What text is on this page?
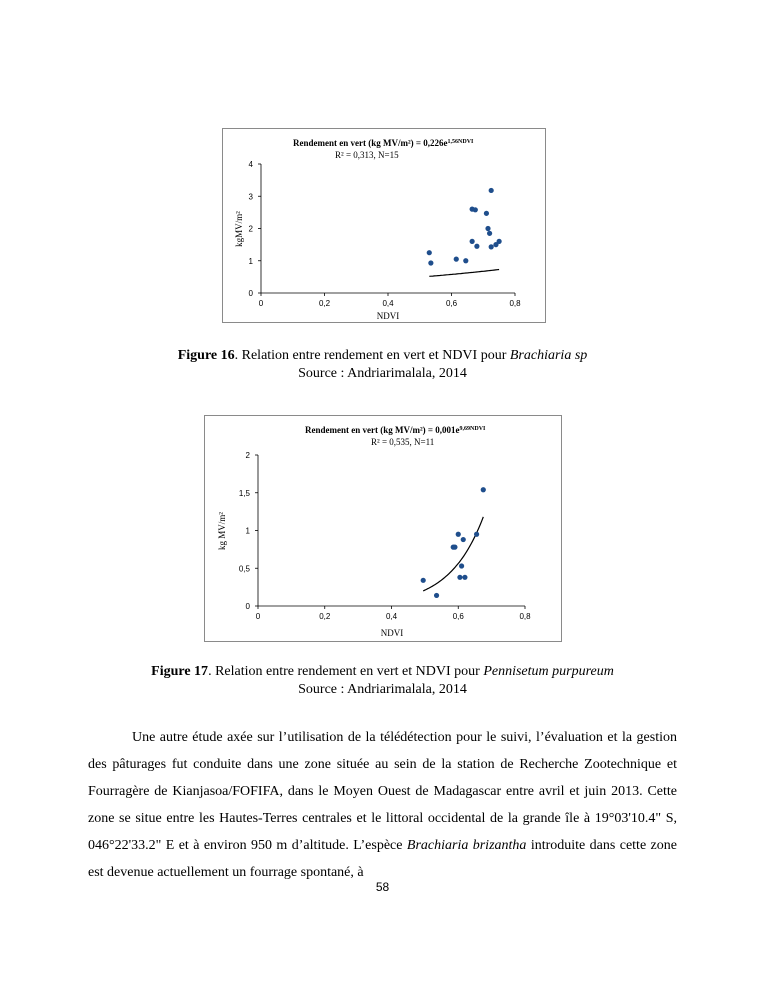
Rendement en vert (kg $MV/m^2) = 0,226e^{1,56NDVI}$
R² = 0,313, N=15
0
1
2
3
4
0	0,2	0,4	0,6	0,8
kgMV/m²
NDVI
Figure 16. Relation entre rendement en vert et NDVI pour Brachiaria sp
Source : Andriarimalala, 2014
Rendement en vert (kg $MV/m^2) = 0,001e^{9,69NDVI}$
R² = 0,535, N=11
0
0,5
1
1,5
2
0	0,2	0,4	0,6	0,8
kg MV/m²
NDVI
Figure 17. Relation entre rendement en vert et NDVI pour Pennisetum purpureum
Source : Andriarimalala, 2014

Une autre étude axée sur l’utilisation de la télédétection pour le suivi, l’évaluation et la gestion des pâturages fut conduite dans une zone située au sein de la station de Recherche Zootechnique et Fourragère de Kianjasoa/FOFIFA, dans le Moyen Ouest de Madagascar entre avril et juin 2013. Cette zone se situe entre les Hautes-Terres centrales et le littoral occidental de la grande île à 19°03'10.4" S, 046°22'33.2" E et à environ 950 m d’altitude. L’espèce Brachiaria brizantha introduite dans cette zone est devenue actuellement un fourrage spontané, à

58
